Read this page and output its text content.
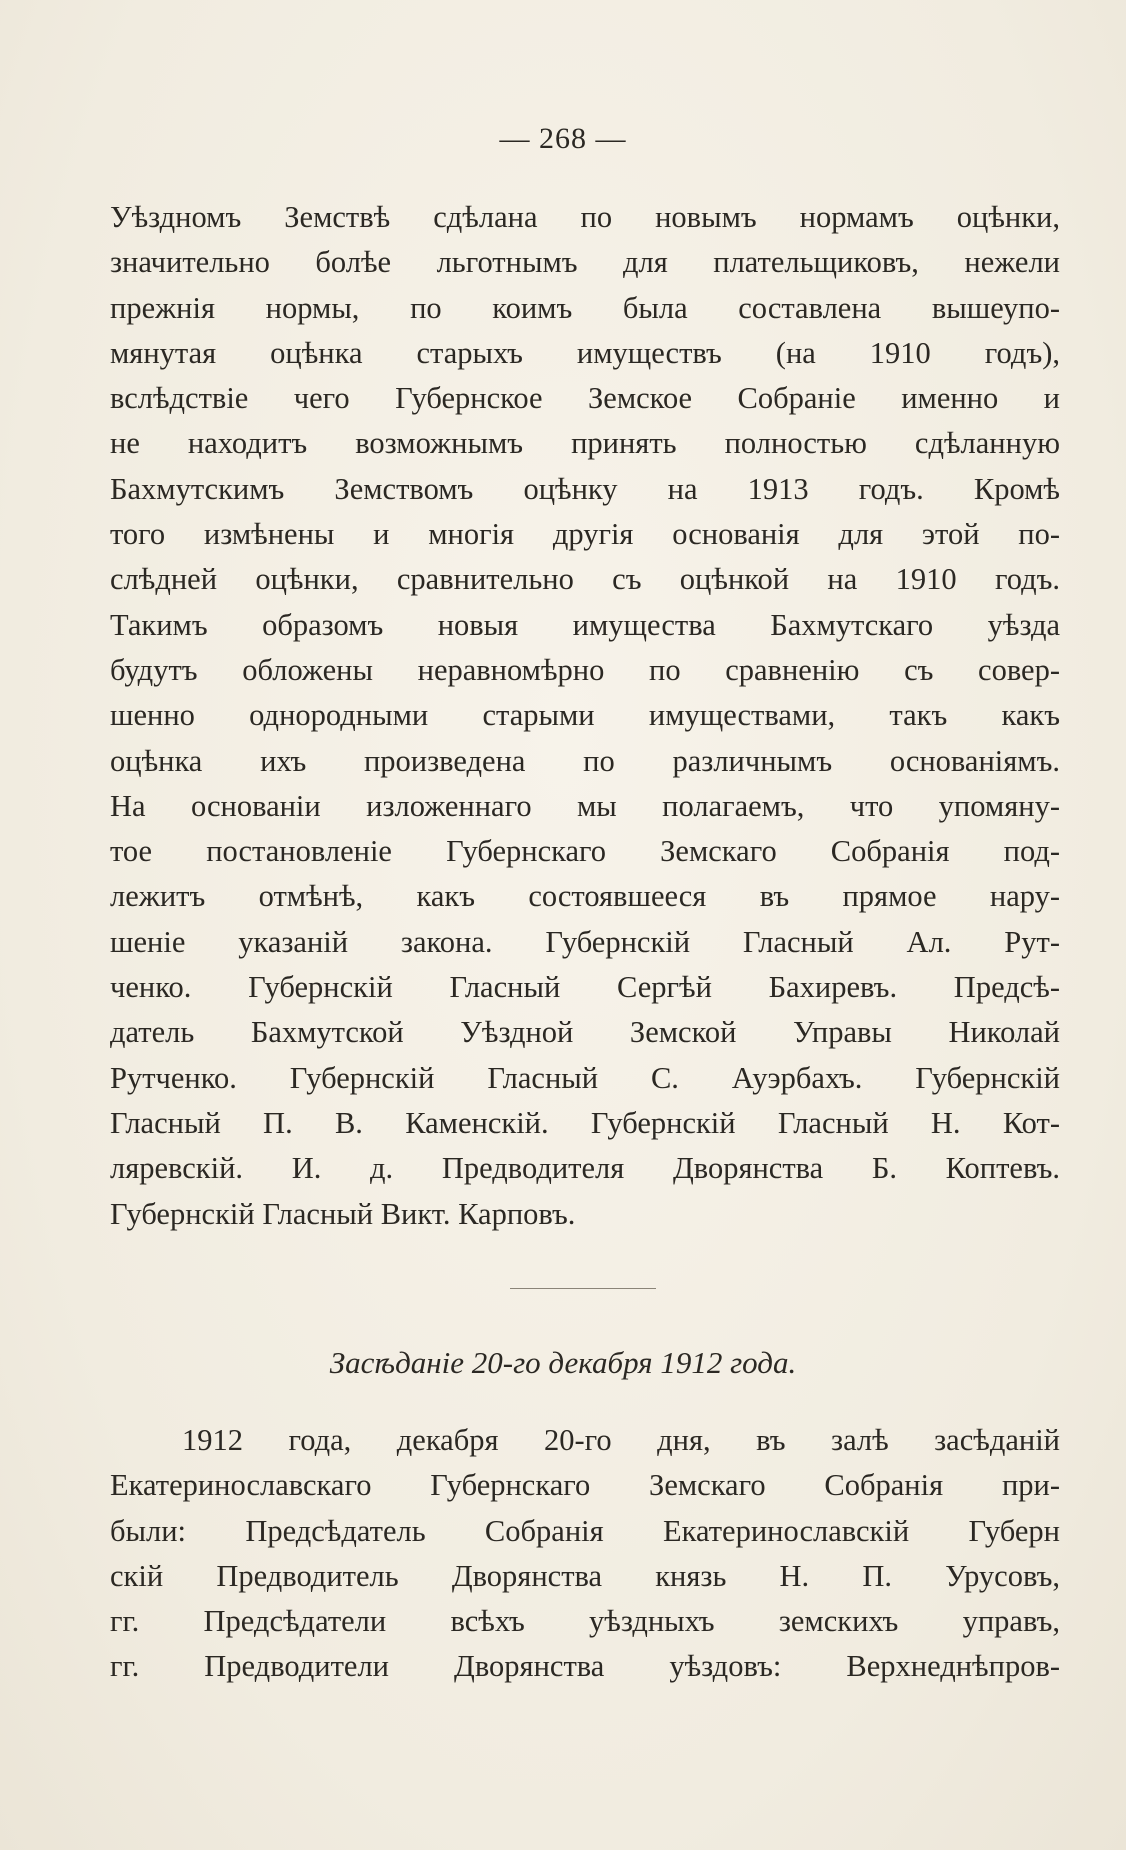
— 268 —
Уѣздномъ Земствѣ сдѣлана по новымъ нормамъ оцѣнки,
значительно болѣе льготнымъ для плательщиковъ, нежели
прежнія нормы, по коимъ была составлена вышеупо-
мянутая оцѣнка старыхъ имуществъ (на 1910 годъ),
вслѣдствіе чего Губернское Земское Собраніе именно и
не находитъ возможнымъ принять полностью сдѣланную
Бахмутскимъ Земствомъ оцѣнку на 1913 годъ. Кромѣ
того измѣнены и многія другія основанія для этой по-
слѣдней оцѣнки, сравнительно съ оцѣнкой на 1910 годъ.
Такимъ образомъ новыя имущества Бахмутскаго уѣзда
будутъ обложены неравномѣрно по сравненію съ совер-
шенно однородными старыми имуществами, такъ какъ
оцѣнка ихъ произведена по различнымъ основаніямъ.
На основаніи изложеннаго мы полагаемъ, что упомяну-
тое постановленіе Губернскаго Земскаго Собранія под-
лежитъ отмѣнѣ, какъ состоявшееся въ прямое нару-
шеніе указаній закона. Губернскій Гласный Ал. Рут-
ченко. Губернскій Гласный Сергѣй Бахиревъ. Предсѣ-
датель Бахмутской Уѣздной Земской Управы Николай
Рутченко. Губернскій Гласный С. Ауэрбахъ. Губернскій
Гласный П. В. Каменскій. Губернскій Гласный Н. Кот-
ляревскій. И. д. Предводителя Дворянства Б. Коптевъ.
Губернскій Гласный Викт. Карповъ.
Засѣданіе 20-го декабря 1912 года.
1912 года, декабря 20-го дня, въ залѣ засѣданій
Екатеринославскаго Губернскаго Земскаго Собранія при-
были: Предсѣдатель Собранія Екатеринославскій Губерн
скій Предводитель Дворянства князь Н. П. Урусовъ,
гг. Предсѣдатели всѣхъ уѣздныхъ земскихъ управъ,
гг. Предводители Дворянства уѣздовъ: Верхнеднѣпров-
